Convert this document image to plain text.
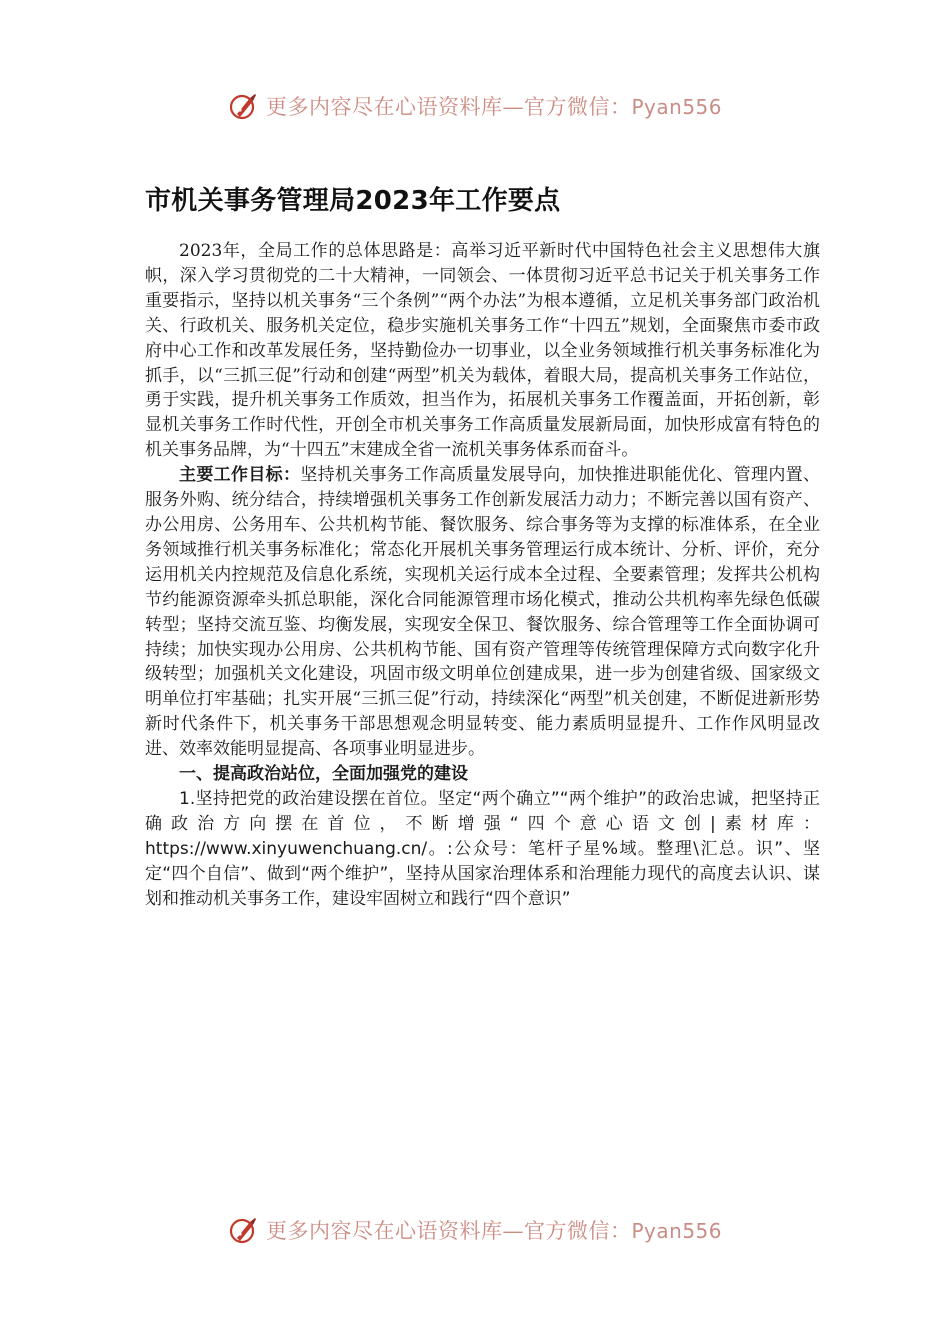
更多内容尽在心语资料库—官方微信：Pyan556
市机关事务管理局2023年工作要点

2023年，全局工作的总体思路是：高举习近平新时代中国特色社会主义思想伟大旗帜，深入学习贯彻党的二十大精神，一同领会、一体贯彻习近平总书记关于机关事务工作重要指示，坚持以机关事务“三个条例”“两个办法”为根本遵循，立足机关事务部门政治机关、行政机关、服务机关定位，稳步实施机关事务工作“十四五”规划，全面聚焦市委市政府中心工作和改革发展任务，坚持勤俭办一切事业，以全业务领域推行机关事务标准化为抓手，以“三抓三促”行动和创建“两型”机关为载体，着眼大局，提高机关事务工作站位，勇于实践，提升机关事务工作质效，担当作为，拓展机关事务工作覆盖面，开拓创新，彰显机关事务工作时代性，开创全市机关事务工作高质量发展新局面，加快形成富有特色的机关事务品牌，为“十四五”末建成全省一流机关事务体系而奋斗。

主要工作目标：坚持机关事务工作高质量发展导向，加快推进职能优化、管理内置、服务外购、统分结合，持续增强机关事务工作创新发展活力动力；不断完善以国有资产、办公用房、公务用车、公共机构节能、餐饮服务、综合事务等为支撑的标准体系，在全业务领域推行机关事务标准化；常态化开展机关事务管理运行成本统计、分析、评价，充分运用机关内控规范及信息化系统，实现机关运行成本全过程、全要素管理；发挥共公机构节约能源资源牵头抓总职能，深化合同能源管理市场化模式，推动公共机构率先绿色低碳转型；坚持交流互鉴、均衡发展，实现安全保卫、餐饮服务、综合管理等工作全面协调可持续；加快实现办公用房、公共机构节能、国有资产管理等传统管理保障方式向数字化升级转型；加强机关文化建设，巩固市级文明单位创建成果，进一步为创建省级、国家级文明单位打牢基础；扎实开展“三抓三促”行动，持续深化“两型”机关创建，不断促进新形势新时代条件下，机关事务干部思想观念明显转变、能力素质明显提升、工作作风明显改进、效率效能明显提高、各项事业明显进步。

一、提高政治站位，全面加强党的建设

1.坚持把党的政治建设摆在首位。坚定“两个确立”“两个维护”的政治忠诚，把坚持正确政治方向摆在首位，不断增强“四个意心语文创|素材库：https://www.xinyuwenchuang.cn/。:公众号：笔杆子星%域。整理\汇总。识”、坚定“四个自信”、做到“两个维护”，坚持从国家治理体系和治理能力现代的高度去认识、谋划和推动机关事务工作，建设牢固树立和践行“四个意识”

更多内容尽在心语资料库—官方微信：Pyan556
